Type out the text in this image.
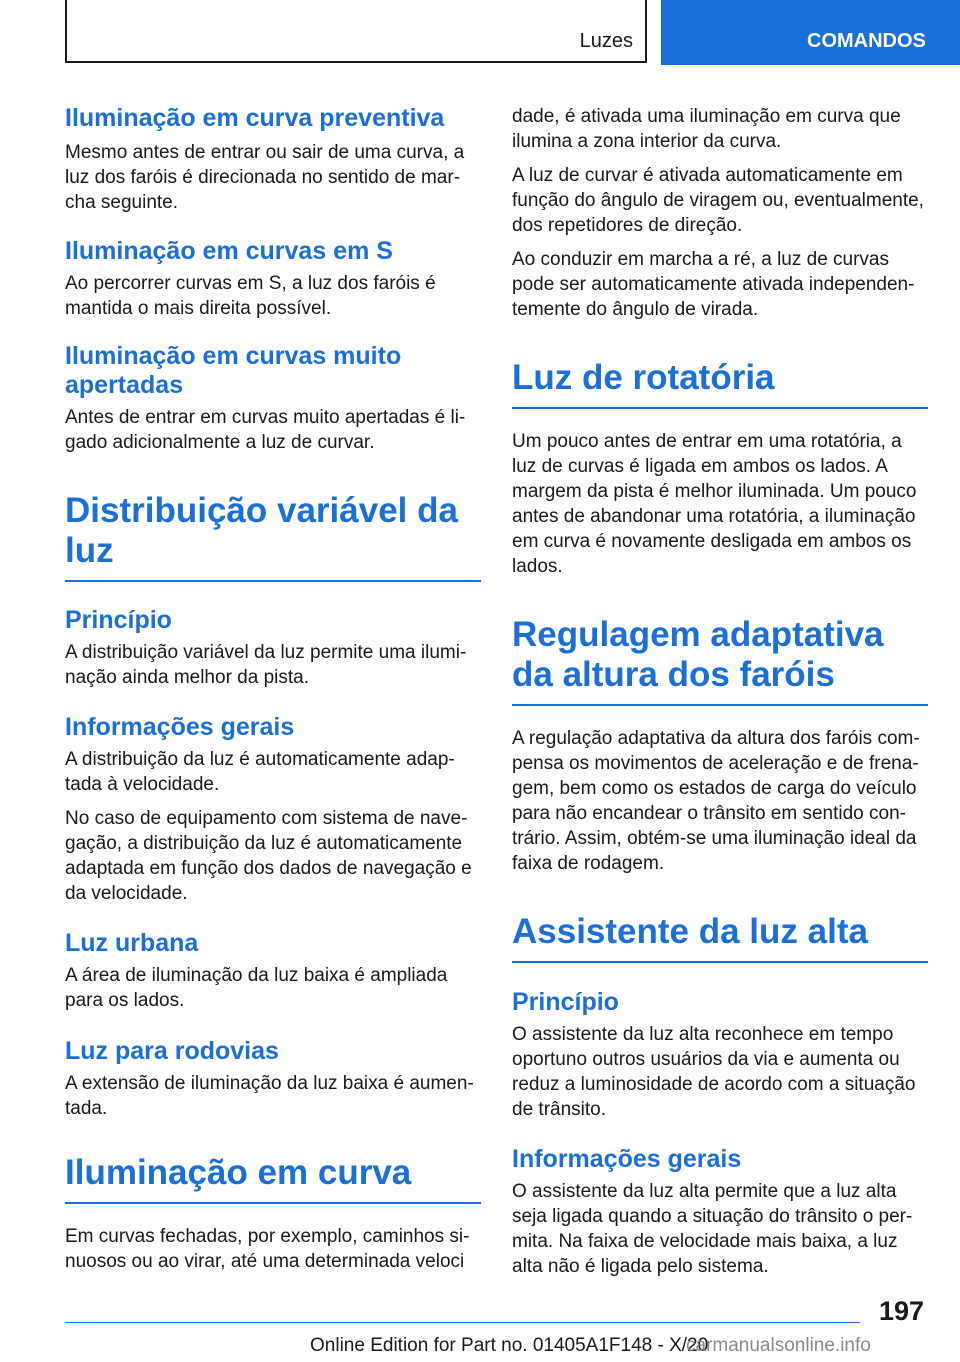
Luzes	COMANDOS
Iluminação em curva preventiva

Mesmo antes de entrar ou sair de uma curva, a luz dos faróis é direcionada no sentido de marcha seguinte.

Iluminação em curvas em S

Ao percorrer curvas em S, a luz dos faróis é mantida o mais direita possível.

Iluminação em curvas muito apertadas

Antes de entrar em curvas muito apertadas é ligado adicionalmente a luz de curvar.

Distribuição variável da luz
Princípio

A distribuição variável da luz permite uma iluminação ainda melhor da pista.

Informações gerais

A distribuição da luz é automaticamente adaptada à velocidade.

No caso de equipamento com sistema de navegação, a distribuição da luz é automaticamente adaptada em função dos dados de navegação e da velocidade.

Luz urbana

A área de iluminação da luz baixa é ampliada para os lados.

Luz para rodovias

A extensão de iluminação da luz baixa é aumentada.

Iluminação em curva

Em curvas fechadas, por exemplo, caminhos sinuosos ou ao virar, até uma determinada veloci

dade, é ativada uma iluminação em curva que ilumina a zona interior da curva.

A luz de curvar é ativada automaticamente em função do ângulo de viragem ou, eventualmente, dos repetidores de direção.

Ao conduzir em marcha a ré, a luz de curvas pode ser automaticamente ativada independentemente do ângulo de virada.

Luz de rotatória

Um pouco antes de entrar em uma rotatória, a luz de curvas é ligada em ambos os lados. A margem da pista é melhor iluminada. Um pouco antes de abandonar uma rotatória, a iluminação em curva é novamente desligada em ambos os lados.

Regulagem adaptativa da altura dos faróis

A regulação adaptativa da altura dos faróis compensa os movimentos de aceleração e de frenagem, bem como os estados de carga do veículo para não encandear o trânsito em sentido contrário. Assim, obtém-se uma iluminação ideal da faixa de rodagem.

Assistente da luz alta
Princípio

O assistente da luz alta reconhece em tempo oportuno outros usuários da via e aumenta ou reduz a luminosidade de acordo com a situação de trânsito.

Informações gerais

O assistente da luz alta permite que a luz alta seja ligada quando a situação do trânsito o permita. Na faixa de velocidade mais baixa, a luz alta não é ligada pelo sistema.

197
Online Edition for Part no. 01405A1F148 - X/20
carmanualsonline.info
